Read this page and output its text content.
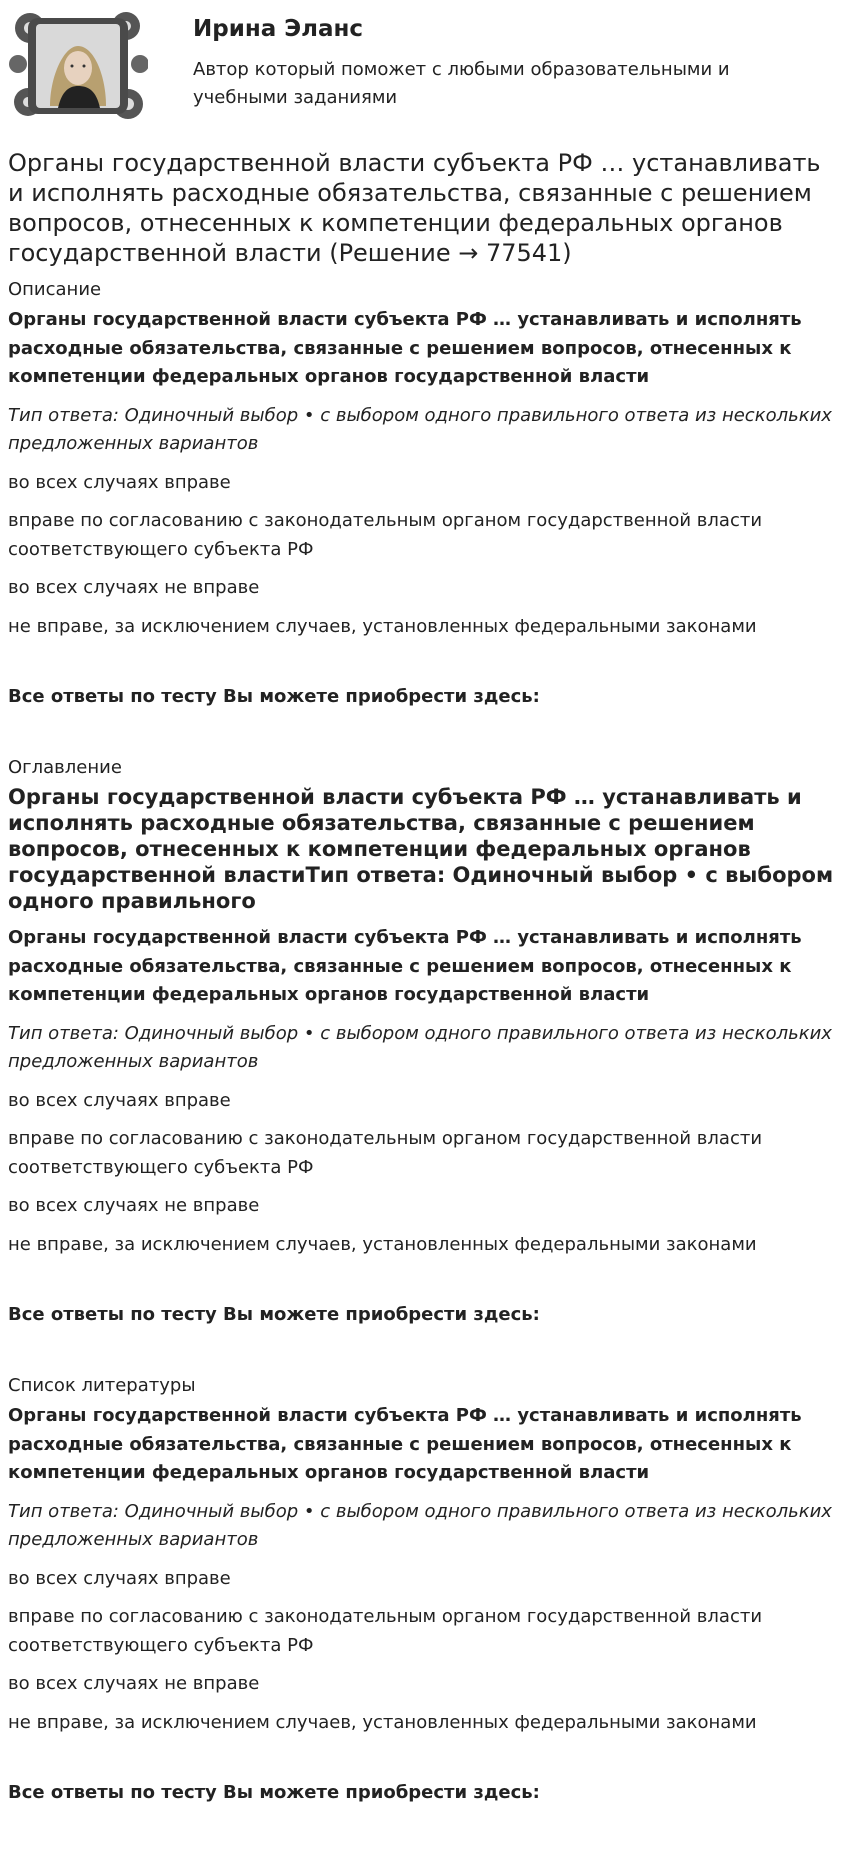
Ирина Эланс
Автор который поможет с любыми образовательными и учебными заданиями
Органы государственной власти субъекта РФ … устанавливать и исполнять расходные обязательства, связанные с решением вопросов, отнесенных к компетенции федеральных органов государственной власти (Решение → 77541)
Описание
Органы государственной власти субъекта РФ … устанавливать и исполнять расходные обязательства, связанные с решением вопросов, отнесенных к компетенции федеральных органов государственной власти
Тип ответа: Одиночный выбор • с выбором одного правильного ответа из нескольких предложенных вариантов
во всех случаях вправе
вправе по согласованию с законодательным органом государственной власти соответствующего субъекта РФ
во всех случаях не вправе
не вправе, за исключением случаев, установленных федеральными законами
Все ответы по тесту Вы можете приобрести здесь:
Оглавление
Органы государственной власти субъекта РФ … устанавливать и исполнять расходные обязательства, связанные с решением вопросов, отнесенных к компетенции федеральных органов государственной властиТип ответа: Одиночный выбор • с выбором одного правильного
Органы государственной власти субъекта РФ … устанавливать и исполнять расходные обязательства, связанные с решением вопросов, отнесенных к компетенции федеральных органов государственной власти
Тип ответа: Одиночный выбор • с выбором одного правильного ответа из нескольких предложенных вариантов
во всех случаях вправе
вправе по согласованию с законодательным органом государственной власти соответствующего субъекта РФ
во всех случаях не вправе
не вправе, за исключением случаев, установленных федеральными законами
Все ответы по тесту Вы можете приобрести здесь:
Список литературы
Органы государственной власти субъекта РФ … устанавливать и исполнять расходные обязательства, связанные с решением вопросов, отнесенных к компетенции федеральных органов государственной власти
Тип ответа: Одиночный выбор • с выбором одного правильного ответа из нескольких предложенных вариантов
во всех случаях вправе
вправе по согласованию с законодательным органом государственной власти соответствующего субъекта РФ
во всех случаях не вправе
не вправе, за исключением случаев, установленных федеральными законами
Все ответы по тесту Вы можете приобрести здесь:
